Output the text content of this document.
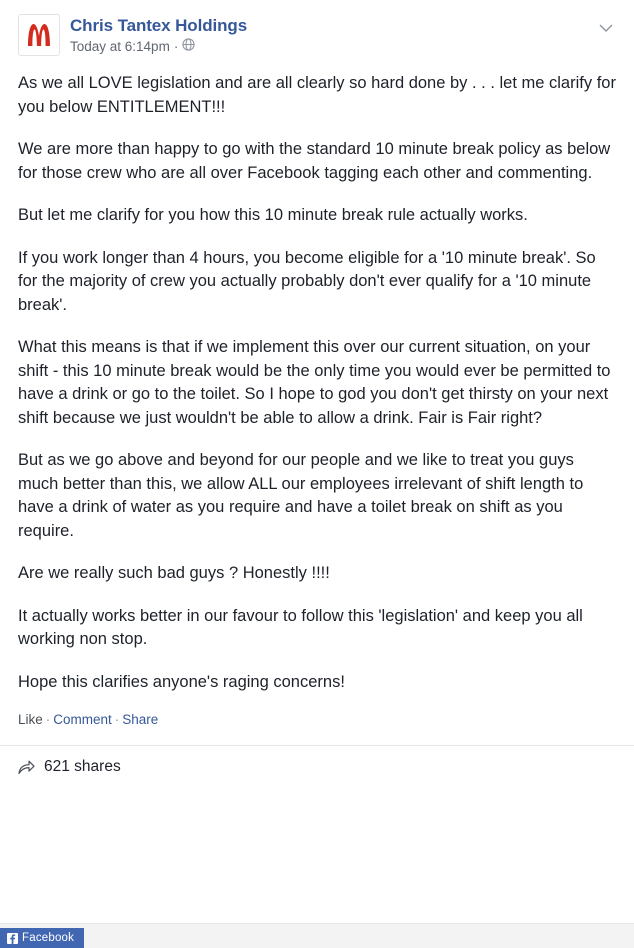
Chris Tantex Holdings
Today at 6:14pm ·

As we all LOVE legislation and are all clearly so hard done by . . . let me clarify for you below ENTITLEMENT!!!

We are more than happy to go with the standard 10 minute break policy as below for those crew who are all over Facebook tagging each other and commenting.

But let me clarify for you how this 10 minute break rule actually works.

If you work longer than 4 hours, you become eligible for a '10 minute break'. So for the majority of crew you actually probably don't ever qualify for a '10 minute break'.

What this means is that if we implement this over our current situation, on your shift - this 10 minute break would be the only time you would ever be permitted to have a drink or go to the toilet. So I hope to god you don't get thirsty on your next shift because we just wouldn't be able to allow a drink. Fair is Fair right?

But as we go above and beyond for our people and we like to treat you guys much better than this, we allow ALL our employees irrelevant of shift length to have a drink of water as you require and have a toilet break on shift as you require.

Are we really such bad guys ? Honestly !!!!

It actually works better in our favour to follow this 'legislation' and keep you all working non stop.

Hope this clarifies anyone's raging concerns!

Like · Comment · Share
621 shares
Facebook
